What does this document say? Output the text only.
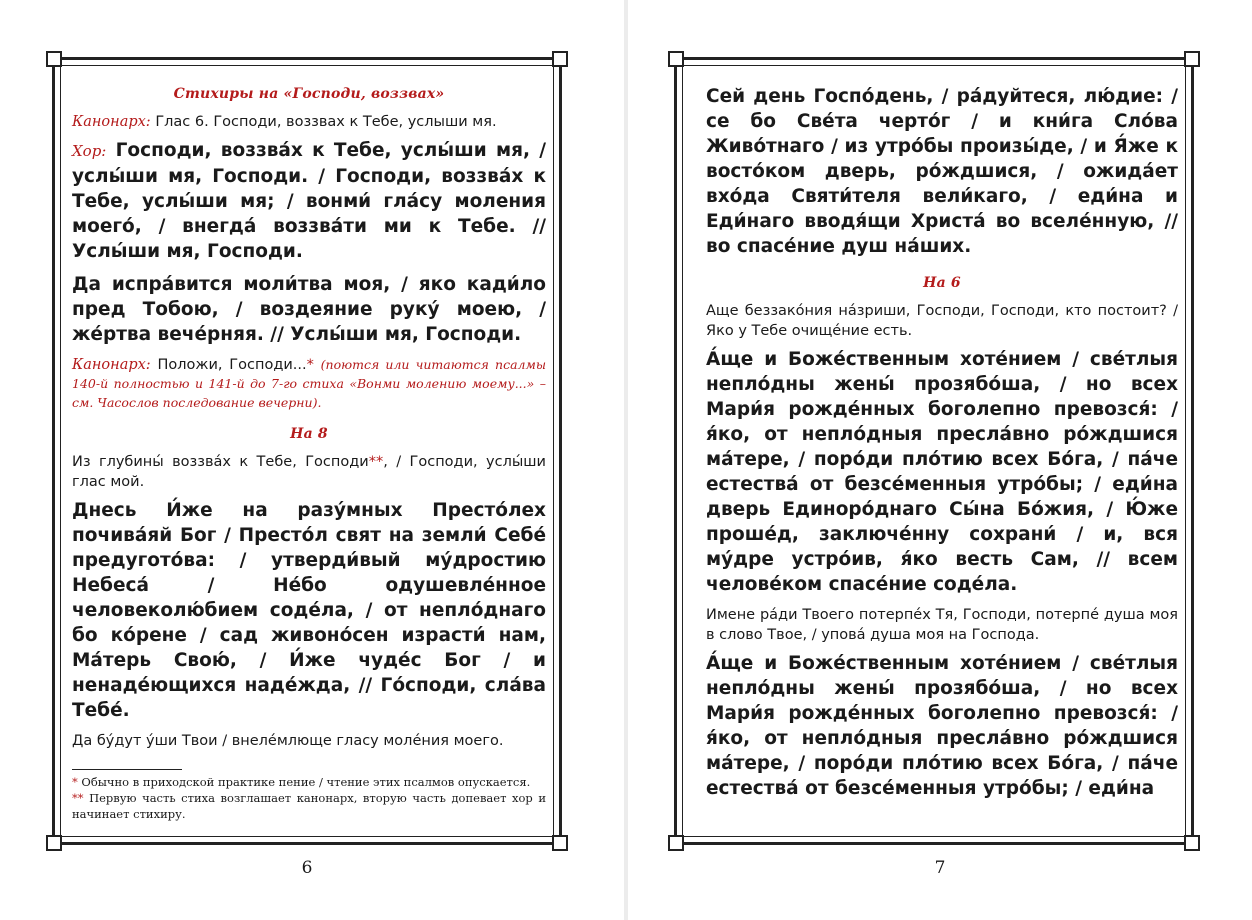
Стихиры на «Господи, воззвах»

Канонарх: Глас 6. Господи, воззвах к Тебе, услыши мя.

Хор: Господи, воззва́х к Тебе, услы́ши мя, / услы́ши мя, Господи. / Господи, воззва́х к Тебе, услы́ши мя; / вонми́ гла́су моления моего́, / внегда́ воззва́ти ми к Тебе. // Услы́ши мя, Господи.

Да испра́вится моли́тва моя, / яко кади́ло пред Тобою, / воздеяние руку́ моею, / же́ртва вече́рняя. // Услы́ши мя, Господи.

Канонарх: Положи, Господи...* (поются или читаются псалмы 140-й полностью и 141-й до 7-го стиха «Вонми молению моему...» – см. Часослов последование вечерни).

На 8

Из глубины́ воззва́х к Тебе, Господи**, / Господи, услы́ши глас мой.

Днесь И́же на разу́мных Престо́лех почива́яй Бог / Престо́л свят на земли́ Себе́ предугото́ва: / утверди́вый му́дростию Небеса́ / Не́бо одушевле́нное человеколю́бием соде́ла, / от непло́днаго бо ко́рене / сад живоно́сен израсти́ нам, Ма́терь Свою́, / И́же чуде́с Бог / и ненаде́ющихся наде́жда, // Го́споди, сла́ва Тебе́.

Да бу́дут у́ши Твои / внеле́млюще гласу моле́ния моего.

* Обычно в приходской практике пение / чтение этих псалмов опускается.

** Первую часть стиха возглашает канонарх, вторую часть допевает хор и начинает стихиру.

6

Сей день Госпо́день, / ра́дуйтеся, лю́дие: / се бо Све́та черто́г / и кни́га Сло́ва Живо́тнаго / из утро́бы произы́де, / и Я́же к восто́ком дверь, ро́ждшися, / ожида́ет вхо́да Святи́теля вели́каго, / еди́на и Еди́наго вводя́щи Христа́ во вселе́нную, // во спасе́ние душ на́ших.

На 6

Аще беззако́ния на́зриши, Господи, Господи, кто постоит? / Яко у Тебе очище́ние есть.

А́ще и Боже́ственным хоте́нием / све́тлыя непло́дны жены́ прозябо́ша, / но всех Мари́я рожде́нных боголепно превозся́: / я́ко, от непло́дныя пресла́вно ро́ждшися ма́тере, / поро́ди пло́тию всех Бо́га, / па́че естества́ от безсе́менныя утро́бы; / еди́на дверь Единоро́днаго Сы́на Бо́жия, / Ю́же проше́д, заключе́нну сохрани́ / и, вся му́дре устро́ив, я́ко весть Сам, // всем челове́ком спасе́ние соде́ла.

Имене ра́ди Твоего потерпе́х Тя, Господи, потерпе́ душа моя в слово Твое, / упова́ душа моя на Господа.

А́ще и Боже́ственным хоте́нием / све́тлыя непло́дны жены́ прозябо́ша, / но всех Мари́я рожде́нных боголепно превозся́: / я́ко, от непло́дныя пресла́вно ро́ждшися ма́тере, / поро́ди пло́тию всех Бо́га, / па́че естества́ от безсе́менныя утро́бы; / еди́на

7
